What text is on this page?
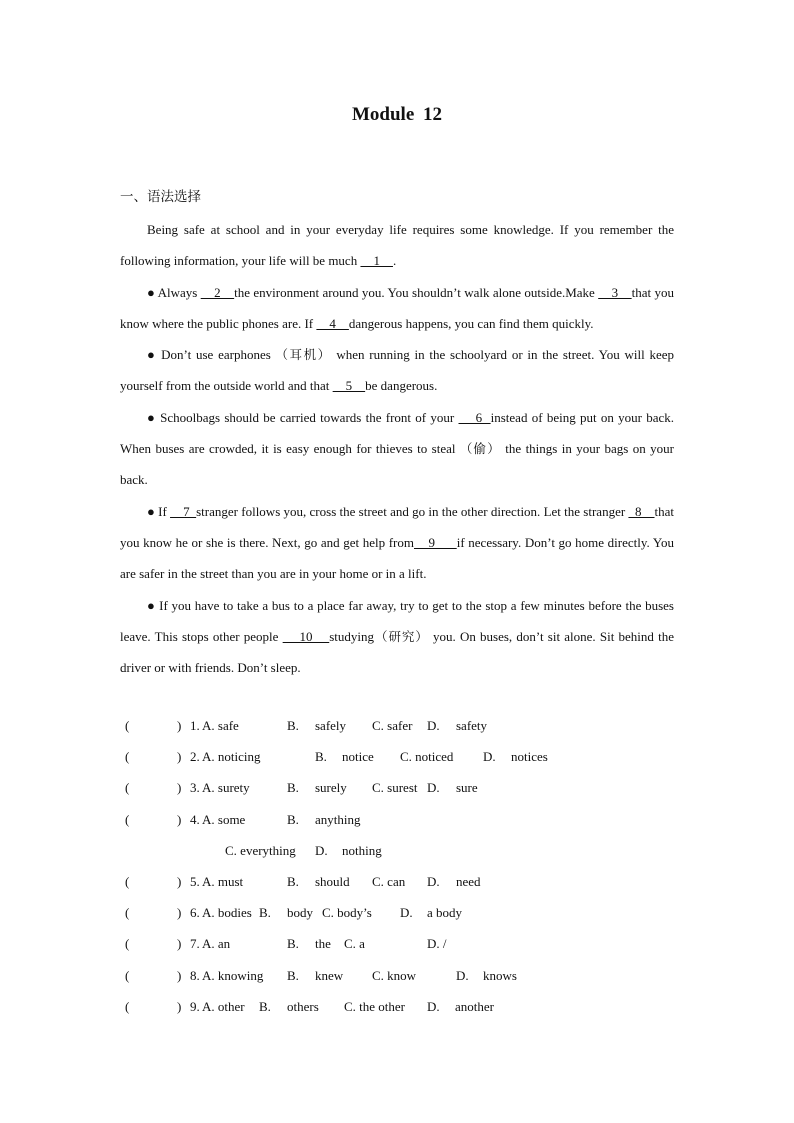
Module 12
一、语法选择

Being safe at school and in your everyday life requires some knowledge. If you remember the following information, your life will be much     1    .

● Always     2    the environment around you. You shouldn’t walk alone outside.Make     3    that you know where the public phones are. If     4    dangerous happens, you can find them quickly.

● Don’t use earphones （耳机） when running in the schoolyard or in the street. You will keep yourself from the outside world and that     5    be dangerous.

● Schoolbags should be carried towards the front of your     6  instead of being put on your back. When buses are crowded, it is easy enough for thieves to steal （偷） the things in your bags on your back.

● If     7  stranger follows you, cross the street and go in the other direction. Let the stranger   8    that you know he or she is there. Next, go and get help from    9      if necessary. Don’t go home directly. You are safer in the street than you are in your home or in a lift.

● If you have to take a bus to a place far away, try to get to the stop a few minutes before the buses leave. This stops other people     10    studying（研究） you. On buses, don’t sit alone. Sit behind the driver or with friends. Don’t sleep.

(	) 1. A. safe	B. safely C. safer D. safety
(	) 2. A. noticing	B. notice C. noticed D. notices
(	) 3. A. surety	B. surely C. surest D. sure
(	) 4. A. some	B. anything
C. everything D. nothing
(	) 5. A. must	B. should C. can D. need
(	) 6. A. bodies B. body C. body’s D. a body
(	) 7. A. an	B. the C. a	D. /
(	) 8. A. knowing B. knew C. know	D. knows
(	) 9. A. other B. others C. the other D. another
